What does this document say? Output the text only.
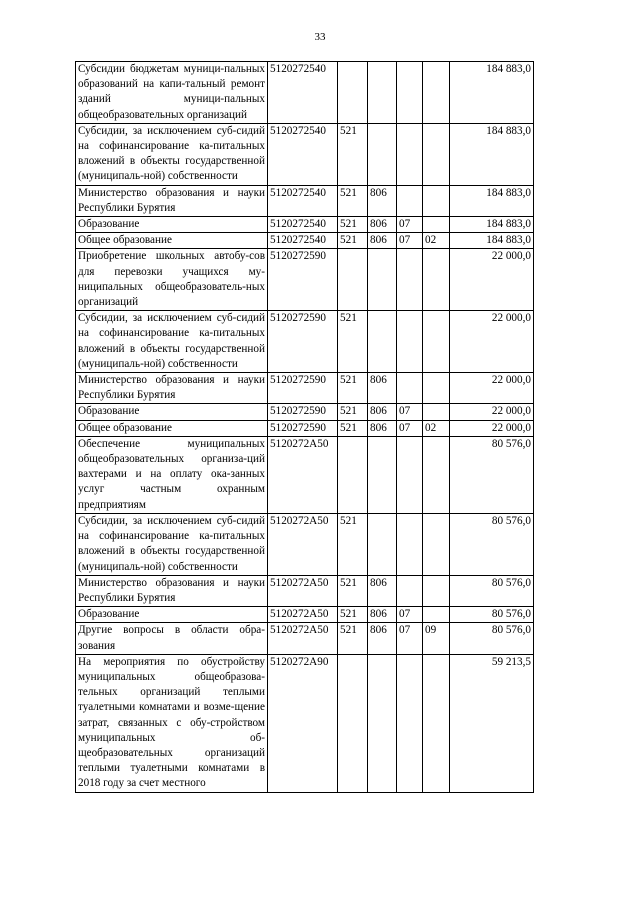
33
Субсидии бюджетам муници-пальных образований на капи-тальный ремонт зданий муници-пальных общеобразовательных организаций	5120272540					184 883,0
Субсидии, за исключением суб-сидий на софинансирование ка-питальных вложений в объекты государственной (муниципаль-ной) собственности	5120272540	521				184 883,0
Министерство образования и науки Республики Бурятия	5120272540	521	806			184 883,0
Образование	5120272540	521	806	07		184 883,0
Общее образование	5120272540	521	806	07	02	184 883,0
Приобретение школьных автобу-сов для перевозки учащихся му-ниципальных общеобразователь-ных организаций	5120272590					22 000,0
Субсидии, за исключением суб-сидий на софинансирование ка-питальных вложений в объекты государственной (муниципаль-ной) собственности	5120272590	521				22 000,0
Министерство образования и науки Республики Бурятия	5120272590	521	806			22 000,0
Образование	5120272590	521	806	07		22 000,0
Общее образование	5120272590	521	806	07	02	22 000,0
Обеспечение муниципальных общеобразовательных организа-ций вахтерами и на оплату ока-занных услуг частным охранным предприятиям	5120272А50					80 576,0
Субсидии, за исключением суб-сидий на софинансирование ка-питальных вложений в объекты государственной (муниципаль-ной) собственности	5120272А50	521				80 576,0
Министерство образования и науки Республики Бурятия	5120272А50	521	806			80 576,0
Образование	5120272А50	521	806	07		80 576,0
Другие вопросы в области обра-зования	5120272А50	521	806	07	09	80 576,0
На мероприятия по обустройству муниципальных общеобразова-тельных организаций теплыми туалетными комнатами и возме-щение затрат, связанных с обу-стройством муниципальных об-щеобразовательных организаций теплыми туалетными комнатами в 2018 году за счет местного	5120272А90					59 213,5
